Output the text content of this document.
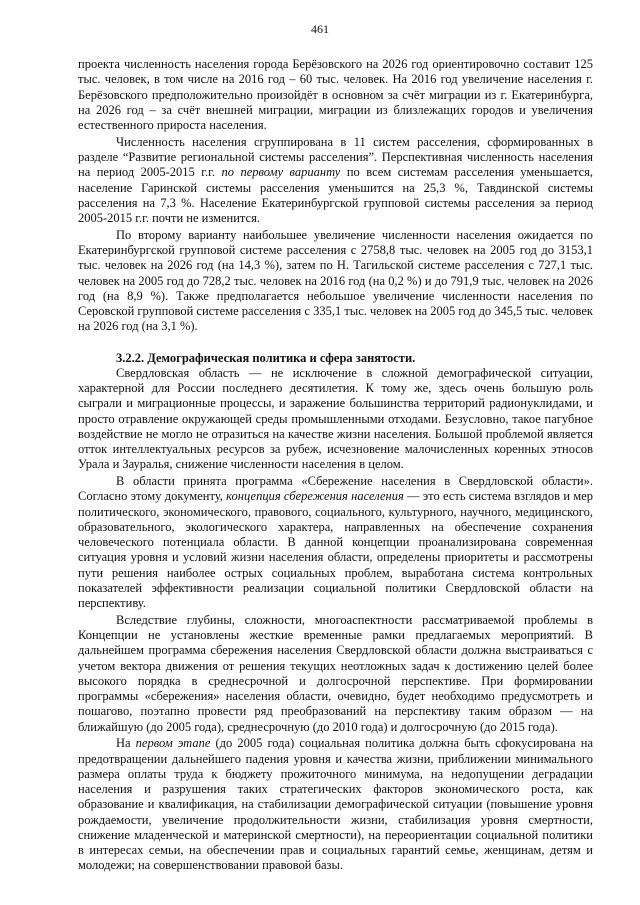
461

проекта численность населения города Берёзовского на 2026 год ориентировочно составит 125 тыс. человек, в том числе на 2016 год – 60 тыс. человек. На 2016 год увеличение населения г. Берёзовского предположительно произойдёт в основном за счёт миграции из г. Екатеринбурга, на 2026 год – за счёт внешней миграции, миграции из близлежащих городов и увеличения естественного прироста населения.

Численность населения сгруппирована в 11 систем расселения, сформированных в разделе “Развитие региональной системы расселения”. Перспективная численность населения на период 2005-2015 г.г. по первому варианту по всем системам расселения уменьшается, население Гаринской системы расселения уменьшится на 25,3 %, Тавдинской системы расселения на 7,3 %. Население Екатеринбургской групповой системы расселения за период 2005-2015 г.г. почти не изменится.

По второму варианту наибольшее увеличение численности населения ожидается по Екатеринбургской групповой системе расселения с 2758,8 тыс. человек на 2005 год до 3153,1 тыс. человек на 2026 год (на 14,3 %), затем по Н. Тагильской системе расселения с 727,1 тыс. человек на 2005 год до 728,2 тыс. человек на 2016 год (на 0,2 %) и до 791,9 тыс. человек на 2026 год (на 8,9 %). Также предполагается небольшое увеличение численности населения по Серовской групповой системе расселения с 335,1 тыс. человек на 2005 год до 345,5 тыс. человек на 2026 год (на 3,1 %).

3.2.2. Демографическая политика и сфера занятости.

Свердловская область — не исключение в сложной демографической ситуации, характерной для России последнего десятилетия. К тому же, здесь очень большую роль сыграли и миграционные процессы, и заражение большинства территорий радионуклидами, и просто отравление окружающей среды промышленными отходами. Безусловно, такое пагубное воздействие не могло не отразиться на качестве жизни населения. Большой проблемой является отток интеллектуальных ресурсов за рубеж, исчезновение малочисленных коренных этносов Урала и Зауралья, снижение численности населения в целом.

В области принята программа «Сбережение населения в Свердловской области». Согласно этому документу, концепция сбережения населения — это есть система взглядов и мер политического, экономического, правового, социального, культурного, научного, медицинского, образовательного, экологического характера, направленных на обеспечение сохранения человеческого потенциала области. В данной концепции проанализирована современная ситуация уровня и условий жизни населения области, определены приоритеты и рассмотрены пути решения наиболее острых социальных проблем, выработана система контрольных показателей эффективности реализации социальной политики Свердловской области на перспективу.

Вследствие глубины, сложности, многоаспектности рассматриваемой проблемы в Концепции не установлены жесткие временные рамки предлагаемых мероприятий. В дальнейшем программа сбережения населения Свердловской области должна выстраиваться с учетом вектора движения от решения текущих неотложных задач к достижению целей более высокого порядка в среднесрочной и долгосрочной перспективе. При формировании программы «сбережения» населения области, очевидно, будет необходимо предусмотреть и пошагово, поэтапно провести ряд преобразований на перспективу таким образом — на ближайшую (до 2005 года), среднесрочную (до 2010 года) и долгосрочную (до 2015 года).

На первом этапе (до 2005 года) социальная политика должна быть сфокусирована на предотвращении дальнейшего падения уровня и качества жизни, приближении минимального размера оплаты труда к бюджету прожиточного минимума, на недопущении деградации населения и разрушения таких стратегических факторов экономического роста, как образование и квалификация, на стабилизации демографической ситуации (повышение уровня рождаемости, увеличение продолжительности жизни, стабилизация уровня смертности, снижение младенческой и материнской смертности), на переориентации социальной политики в интересах семьи, на обеспечении прав и социальных гарантий семье, женщинам, детям и молодежи; на совершенствовании правовой базы.
